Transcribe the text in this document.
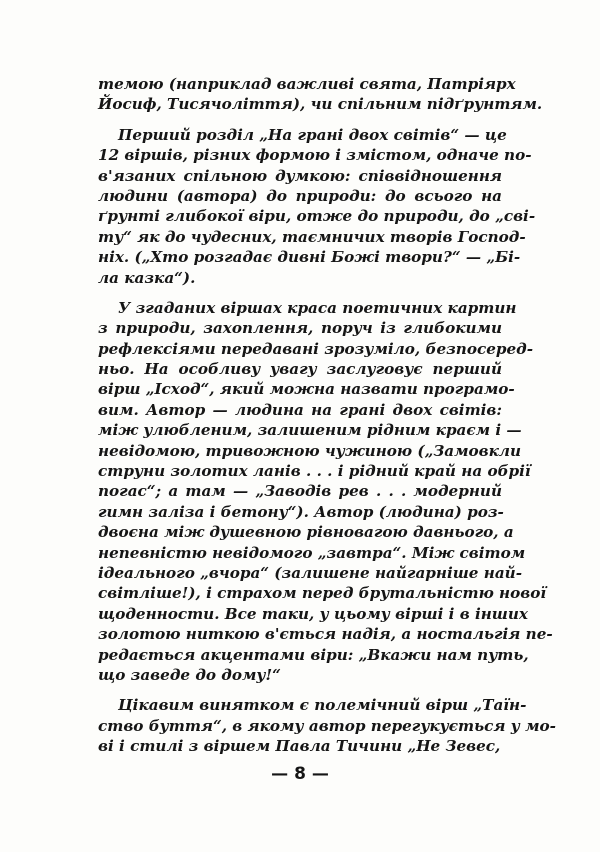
темою (наприклад важливі свята, Патріярх
Йосиф, Тисячоліття), чи спільним підґрунтям.
Перший розділ „На грані двох світів“ — це
12 віршів, різних формою і змістом, одначе по-
в'язаних спільною думкою: співвідношення
людини (автора) до природи: до всього на
ґрунті глибокої віри, отже до природи, до „сві-
ту“ як до чудесних, таємничих творів Господ-
ніх. („Хто розгадає дивні Божі твори?“ — „Бі-
ла казка“).
У згаданих віршах краса поетичних картин
з природи, захоплення, поруч із глибокими
рефлексіями передавані зрозуміло, безпосеред-
ньо. На особливу увагу заслуговує перший
вірш „Ісход“, який можна назвати програмо-
вим. Автор — людина на грані двох світів:
між улюбленим, залишеним рідним краєм і —
невідомою, тривожною чужиною („Замовкли
струни золотих ланів . . . і рідний край на обрії
погас“; а там — „Заводів рев . . . модерний
гимн заліза і бетону“). Автор (людина) роз-
двоєна між душевною рівновагою давнього, а
непевністю невідомого „завтра“. Між світом
ідеального „вчора“ (залишене найгарніше най-
світліше!), і страхом перед брутальністю нової
щоденности. Все таки, у цьому вірші і в інших
золотою ниткою в'ється надія, а ностальгія пе-
редається акцентами віри: „Вкажи нам путь,
що заведе до дому!“
Цікавим винятком є полемічний вірш „Таїн-
ство буття“, в якому автор перегукується у мо-
ві і стилі з віршем Павла Тичини „Не Зевес,
— 8 —
